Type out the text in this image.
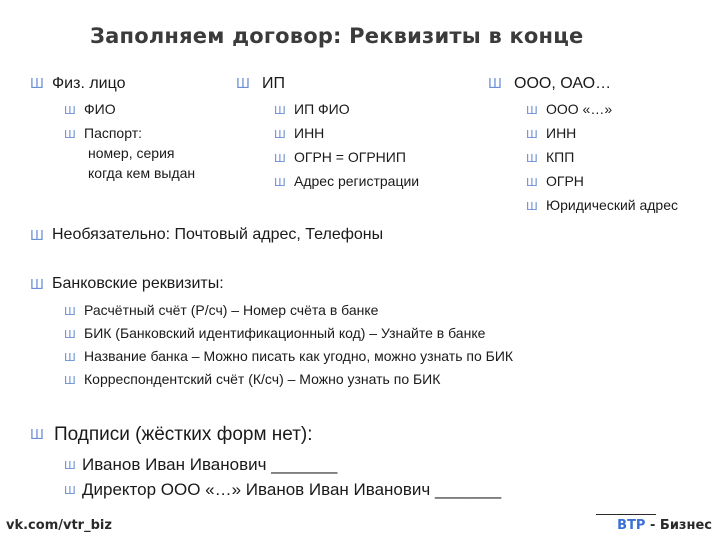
Заполняем договор: Реквизиты в конце
Ш Физ. лицо
Ш ФИО
Ш Паспорт:
номер, серия
когда кем выдан
Ш ИП
Ш ИП ФИО
Ш ИНН
Ш ОГРН = ОГРНИП
Ш Адрес регистрации
Ш ООО, ОАО…
Ш ООО «…»
Ш ИНН
Ш КПП
Ш ОГРН
Ш Юридический адрес
Ш Необязательно: Почтовый адрес, Телефоны
Ш Банковские реквизиты:
Ш Расчётный счёт (Р/сч) – Номер счёта в банке
Ш БИК (Банковский идентификационный код) – Узнайте в банке
Ш Название банка – Можно писать как угодно, можно узнать по БИК
Ш Корреспондентский счёт (К/сч) – Можно узнать по БИК
Ш Подписи (жёстких форм нет):
Ш Иванов Иван Иванович _______
Ш Директор ООО «…» Иванов Иван Иванович _______
vk.com/vtr_biz	ВТР - Бизнес
